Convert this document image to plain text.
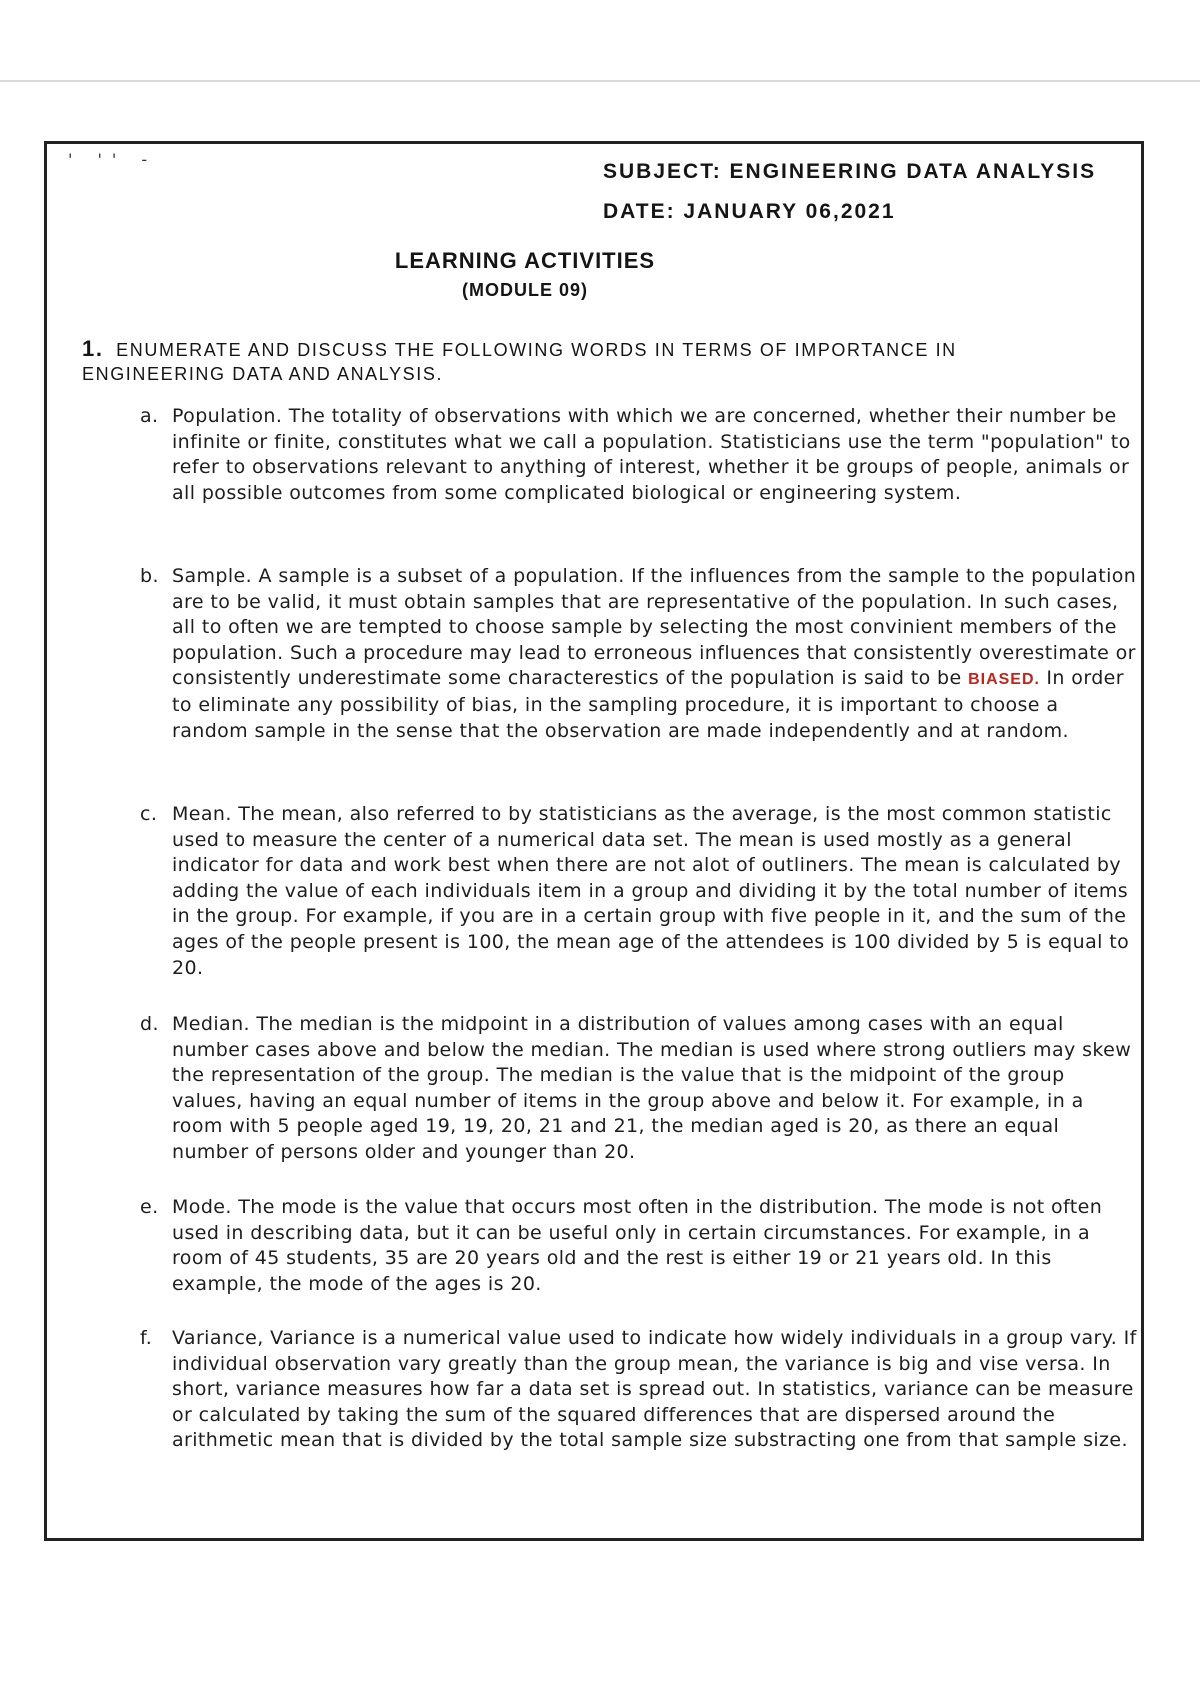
' '' -
SUBJECT: ENGINEERING DATA ANALYSIS
DATE: JANUARY 06,2021
LEARNING ACTIVITIES
(MODULE 09)
1. ENUMERATE AND DISCUSS THE FOLLOWING WORDS IN TERMS OF IMPORTANCE IN ENGINEERING DATA AND ANALYSIS.
a. Population. The totality of observations with which we are concerned, whether their number be infinite or finite, constitutes what we call a population. Statisticians use the term "population" to refer to observations relevant to anything of interest, whether it be groups of people, animals or all possible outcomes from some complicated biological or engineering system.
b. Sample. A sample is a subset of a population. If the influences from the sample to the population are to be valid, it must obtain samples that are representative of the population. In such cases, all to often we are tempted to choose sample by selecting the most convinient members of the population. Such a procedure may lead to erroneous influences that consistently overestimate or consistently underestimate some characterestics of the population is said to be BIASED. In order to eliminate any possibility of bias, in the sampling procedure, it is important to choose a random sample in the sense that the observation are made independently and at random.
c. Mean. The mean, also referred to by statisticians as the average, is the most common statistic used to measure the center of a numerical data set. The mean is used mostly as a general indicator for data and work best when there are not alot of outliners. The mean is calculated by adding the value of each individuals item in a group and dividing it by the total number of items in the group. For example, if you are in a certain group with five people in it, and the sum of the ages of the people present is 100, the mean age of the attendees is 100 divided by 5 is equal to 20.
d. Median. The median is the midpoint in a distribution of values among cases with an equal number cases above and below the median. The median is used where strong outliers may skew the representation of the group. The median is the value that is the midpoint of the group values, having an equal number of items in the group above and below it. For example, in a room with 5 people aged 19, 19, 20, 21 and 21, the median aged is 20, as there an equal number of persons older and younger than 20.
e. Mode. The mode is the value that occurs most often in the distribution. The mode is not often used in describing data, but it can be useful only in certain circumstances. For example, in a room of 45 students, 35 are 20 years old and the rest is either 19 or 21 years old. In this example, the mode of the ages is 20.
f.	Variance, Variance is a numerical value used to indicate how widely individuals in a group vary. If individual observation vary greatly than the group mean, the variance is big and vise versa. In short, variance measures how far a data set is spread out. In statistics, variance can be measure or calculated by taking the sum of the squared differences that are dispersed around the arithmetic mean that is divided by the total sample size substracting one from that sample size.
